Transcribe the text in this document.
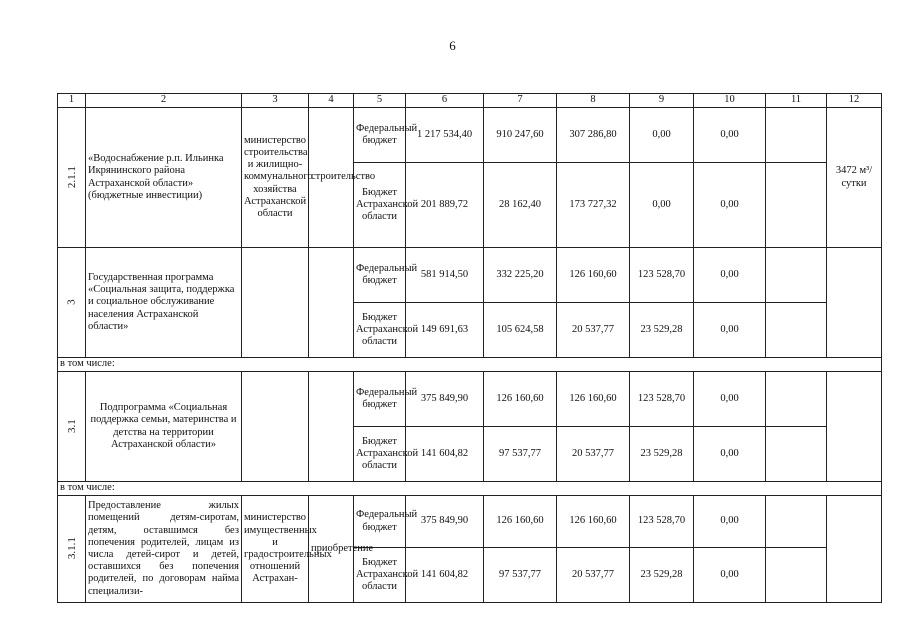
6
1	2	3	4	5	6	7	8	9	10	11	12
2.1.1	«Водоснабжение р.п. Ильинка Икрянинского района Астраханской области» (бюджетные инвестиции)	министерство строительства и жилищно-коммунального хозяйства Астраханской области	строительство	Федеральный бюджет	1 217 534,40	910 247,60	307 286,80	0,00	0,00		3472 м³/сутки
				Бюджет Астраханской области	201 889,72	28 162,40	173 727,32	0,00	0,00		
3	Государственная программа «Социальная защита, поддержка и социальное обслуживание населения Астраханской области»			Федеральный бюджет	581 914,50	332 225,20	126 160,60	123 528,70	0,00		
				Бюджет Астраханской области	149 691,63	105 624,58	20 537,77	23 529,28	0,00		
в том числе:											
3.1	Подпрограмма «Социальная поддержка семьи, материнства и детства на территории Астраханской области»			Федеральный бюджет	375 849,90	126 160,60	126 160,60	123 528,70	0,00		
				Бюджет Астраханской области	141 604,82	97 537,77	20 537,77	23 529,28	0,00		
в том числе:											
3.1.1	Предоставление жилых помещений детям-сиротам, детям, оставшимся без попечения родителей, лицам из числа детей-сирот и детей, оставшихся без попечения родителей, по договорам найма специализи-	министерство имущественных и градостроительных отношений Астрахан-	приобретение	Федеральный бюджет	375 849,90	126 160,60	126 160,60	123 528,70	0,00		
				Бюджет Астраханской области	141 604,82	97 537,77	20 537,77	23 529,28	0,00		
